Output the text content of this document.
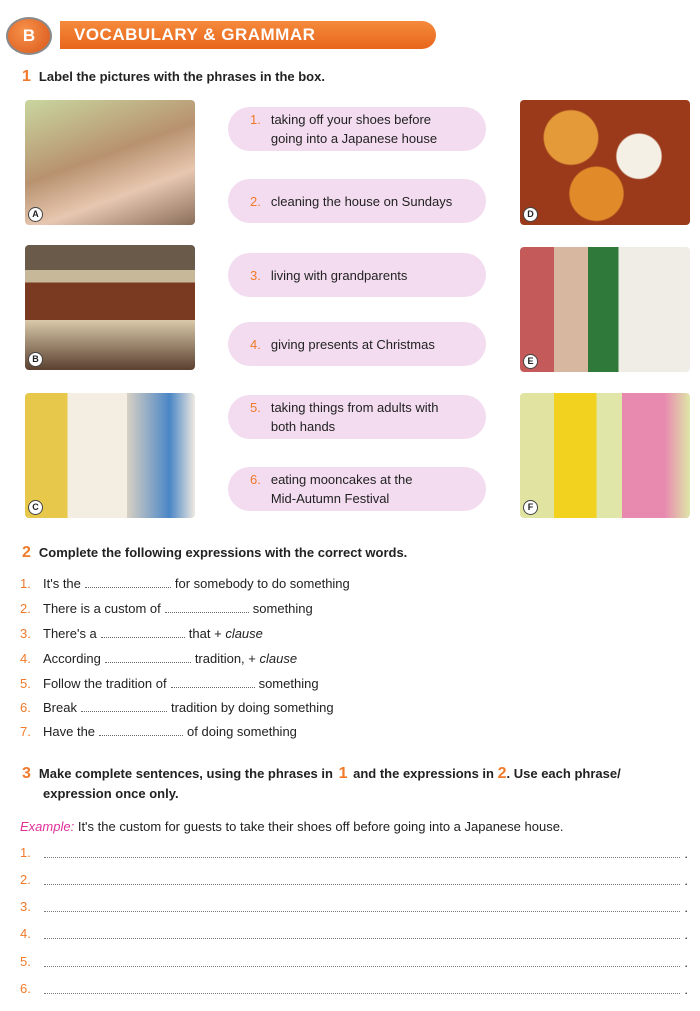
VOCABULARY & GRAMMAR
B
1 Label the pictures with the phrases in the box.
A
B
C
D
E
F
1. taking off your shoes before
going into a Japanese house
2. cleaning the house on Sundays
3. living with grandparents
4. giving presents at Christmas
5. taking things from adults with
both hands
6. eating mooncakes at the
Mid-Autumn Festival
2 Complete the following expressions with the correct words.
1. It's the	for somebody to do something
2. There is a custom of	something
3. There's a	that + clause
4. According	tradition, + clause
5. Follow the tradition of	something
6. Break	tradition by doing something
7. Have the	of doing something
3 Make complete sentences, using the phrases in 1 and the expressions in 2. Use each phrase/
expression once only.
Example: It's the custom for guests to take their shoes off before going into a Japanese house.
1.	.
2.	.
3.	.
4.	.
5.	.
6.	.
